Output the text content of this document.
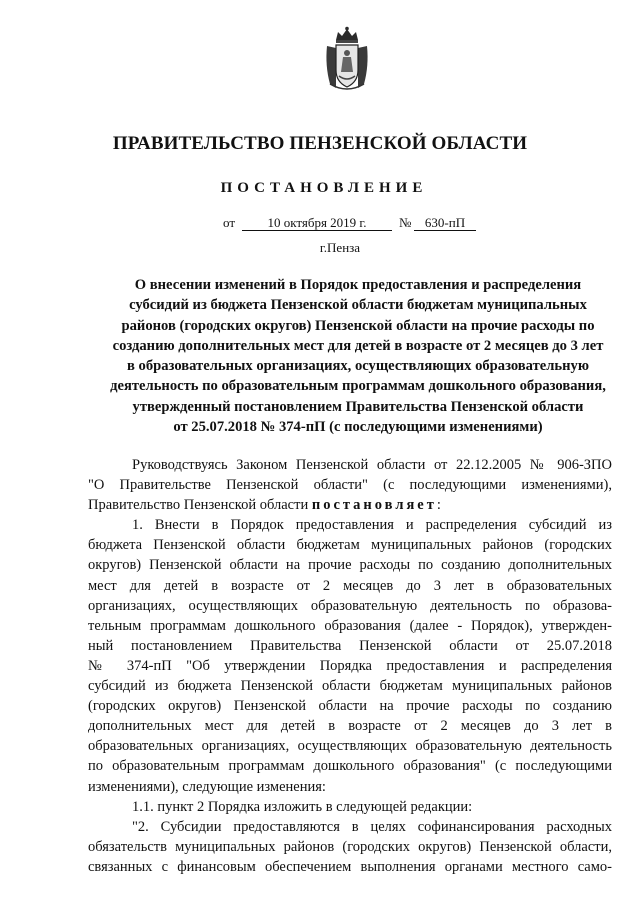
ПРАВИТЕЛЬСТВО ПЕНЗЕНСКОЙ ОБЛАСТИ
ПОСТАНОВЛЕНИЕ
от	10 октября 2019 г.	№	630-пП
г.Пенза
О внесении изменений в Порядок предоставления и распределения
субсидий из бюджета Пензенской области бюджетам муниципальных
районов (городских округов) Пензенской области на прочие расходы по
созданию дополнительных мест для детей в возрасте от 2 месяцев до 3 лет
в образовательных организациях, осуществляющих образовательную
деятельность по образовательным программам дошкольного образования,
утвержденный постановлением Правительства Пензенской области
от 25.07.2018 № 374-пП (с последующими изменениями)
Руководствуясь Законом Пензенской области от 22.12.2005 № 906-ЗПО
"О Правительстве Пензенской области" (с последующими изменениями),
Правительство Пензенской области постановляет:
1. Внести в Порядок предоставления и распределения субсидий из
бюджета Пензенской области бюджетам муниципальных районов (городских
округов) Пензенской области на прочие расходы по созданию дополнительных
мест для детей в возрасте от 2 месяцев до 3 лет в образовательных
организациях, осуществляющих образовательную деятельность по образова-
тельным программам дошкольного образования (далее - Порядок), утвержден-
ный постановлением Правительства Пензенской области от 25.07.2018
№ 374-пП "Об утверждении Порядка предоставления и распределения
субсидий из бюджета Пензенской области бюджетам муниципальных районов
(городских округов) Пензенской области на прочие расходы по созданию
дополнительных мест для детей в возрасте от 2 месяцев до 3 лет в
образовательных организациях, осуществляющих образовательную деятельность
по образовательным программам дошкольного образования" (с последующими
изменениями), следующие изменения:
1.1. пункт 2 Порядка изложить в следующей редакции:
"2. Субсидии предоставляются в целях софинансирования расходных
обязательств муниципальных районов (городских округов) Пензенской области,
связанных с финансовым обеспечением выполнения органами местного само-
